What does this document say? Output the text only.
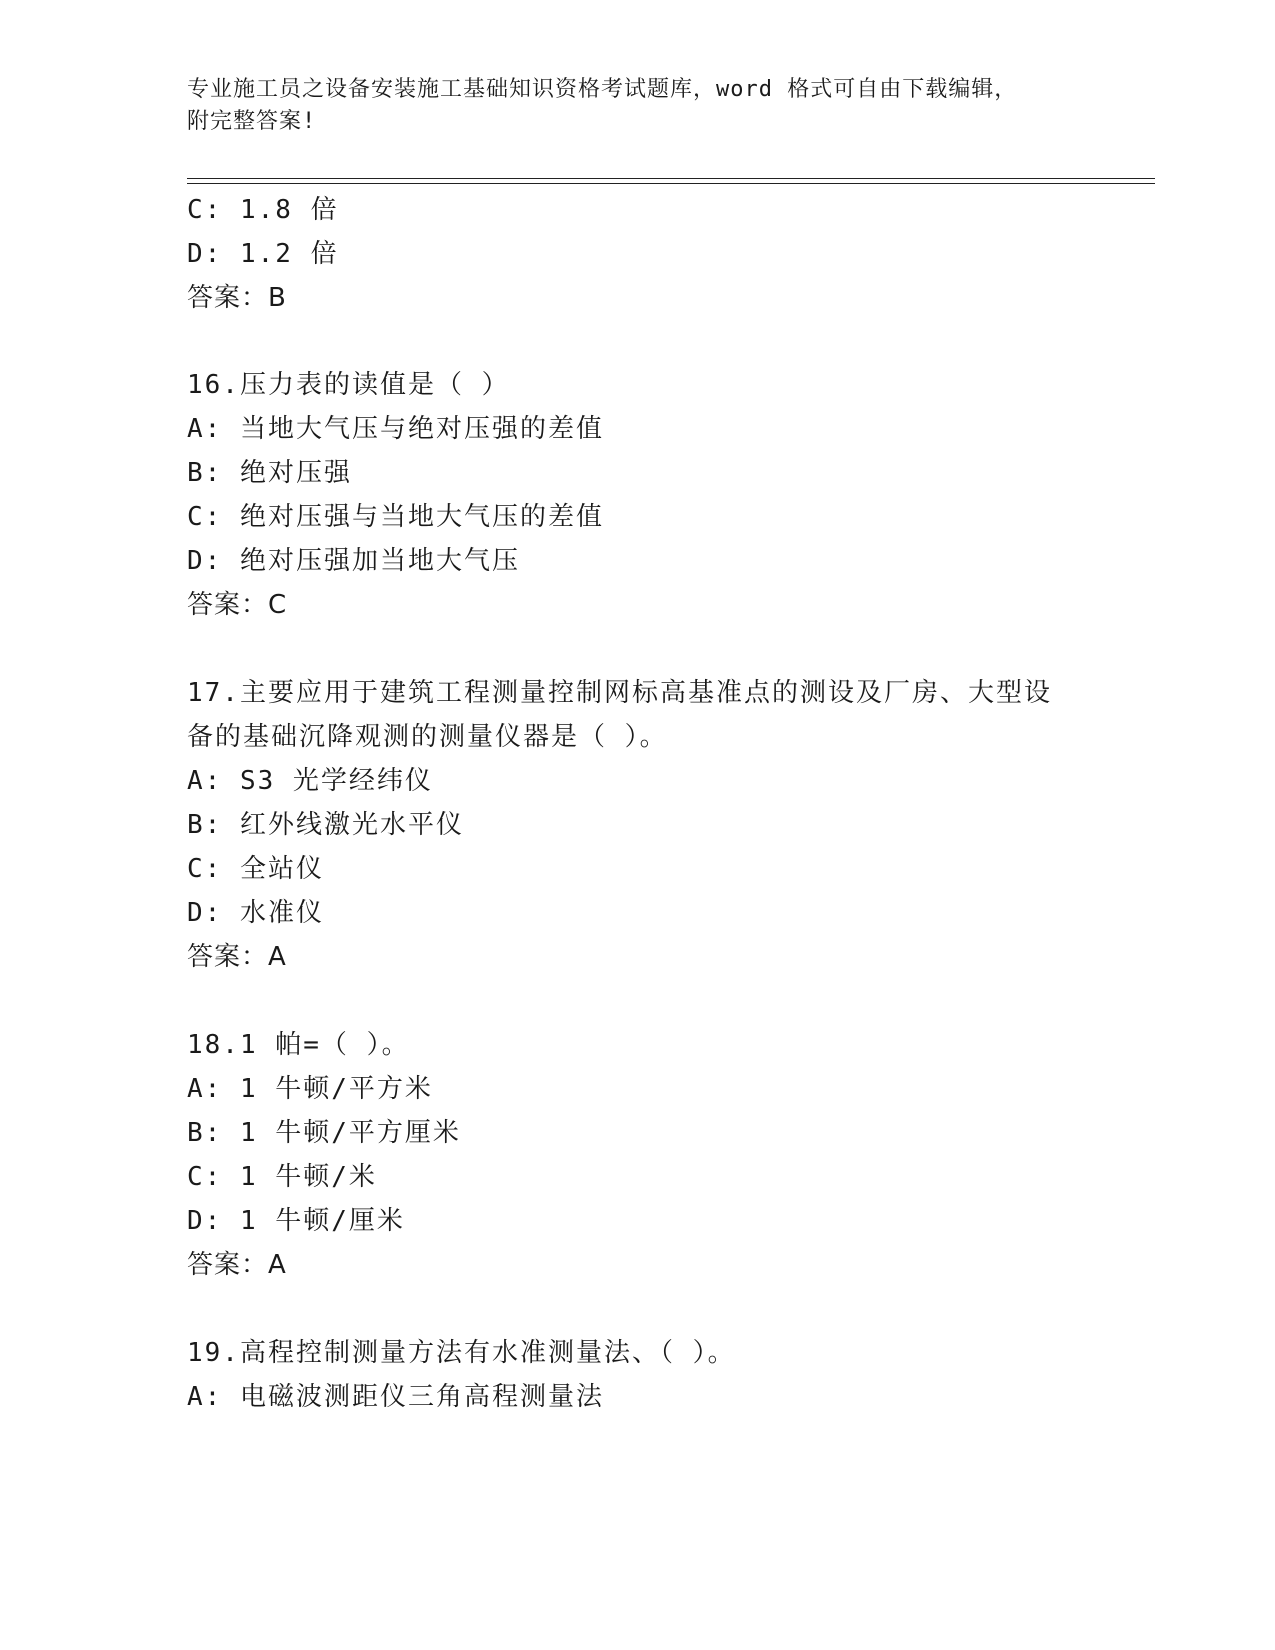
专业施工员之设备安装施工基础知识资格考试题库，word 格式可自由下载编辑，
附完整答案!
C: 1.8 倍
D: 1.2 倍
答案：B
16.压力表的读值是（ ）
A: 当地大气压与绝对压强的差值
B: 绝对压强
C: 绝对压强与当地大气压的差值
D: 绝对压强加当地大气压
答案：C
17.主要应用于建筑工程测量控制网标高基准点的测设及厂房、大型设
备的基础沉降观测的测量仪器是（ ）。
A: S3 光学经纬仪
B: 红外线激光水平仪
C: 全站仪
D: 水准仪
答案：A
18.1 帕=（ ）。
A: 1 牛顿/平方米
B: 1 牛顿/平方厘米
C: 1 牛顿/米
D: 1 牛顿/厘米
答案：A
19.高程控制测量方法有水准测量法、（ ）。
A: 电磁波测距仪三角高程测量法
